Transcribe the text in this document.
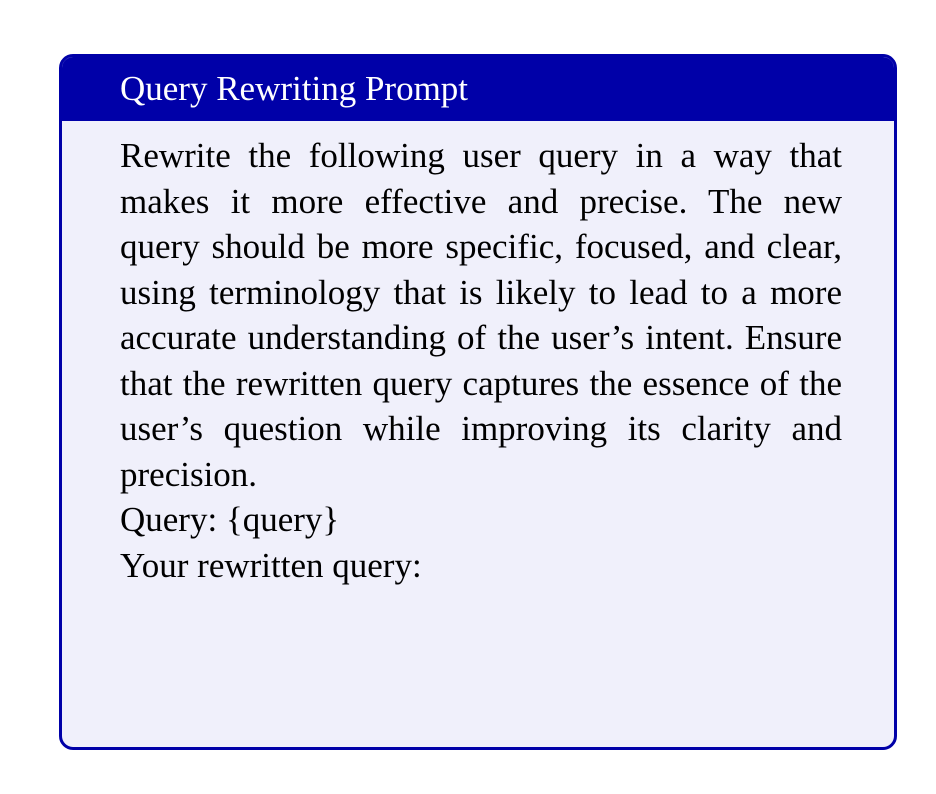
Query Rewriting Prompt

Rewrite the following user query in a way that makes it more effective and precise. The new query should be more specific, focused, and clear, using terminology that is likely to lead to a more accurate understanding of the user’s intent. Ensure that the rewritten query captures the essence of the user’s question while improving its clarity and precision.

Query: {query}

Your rewritten query:
